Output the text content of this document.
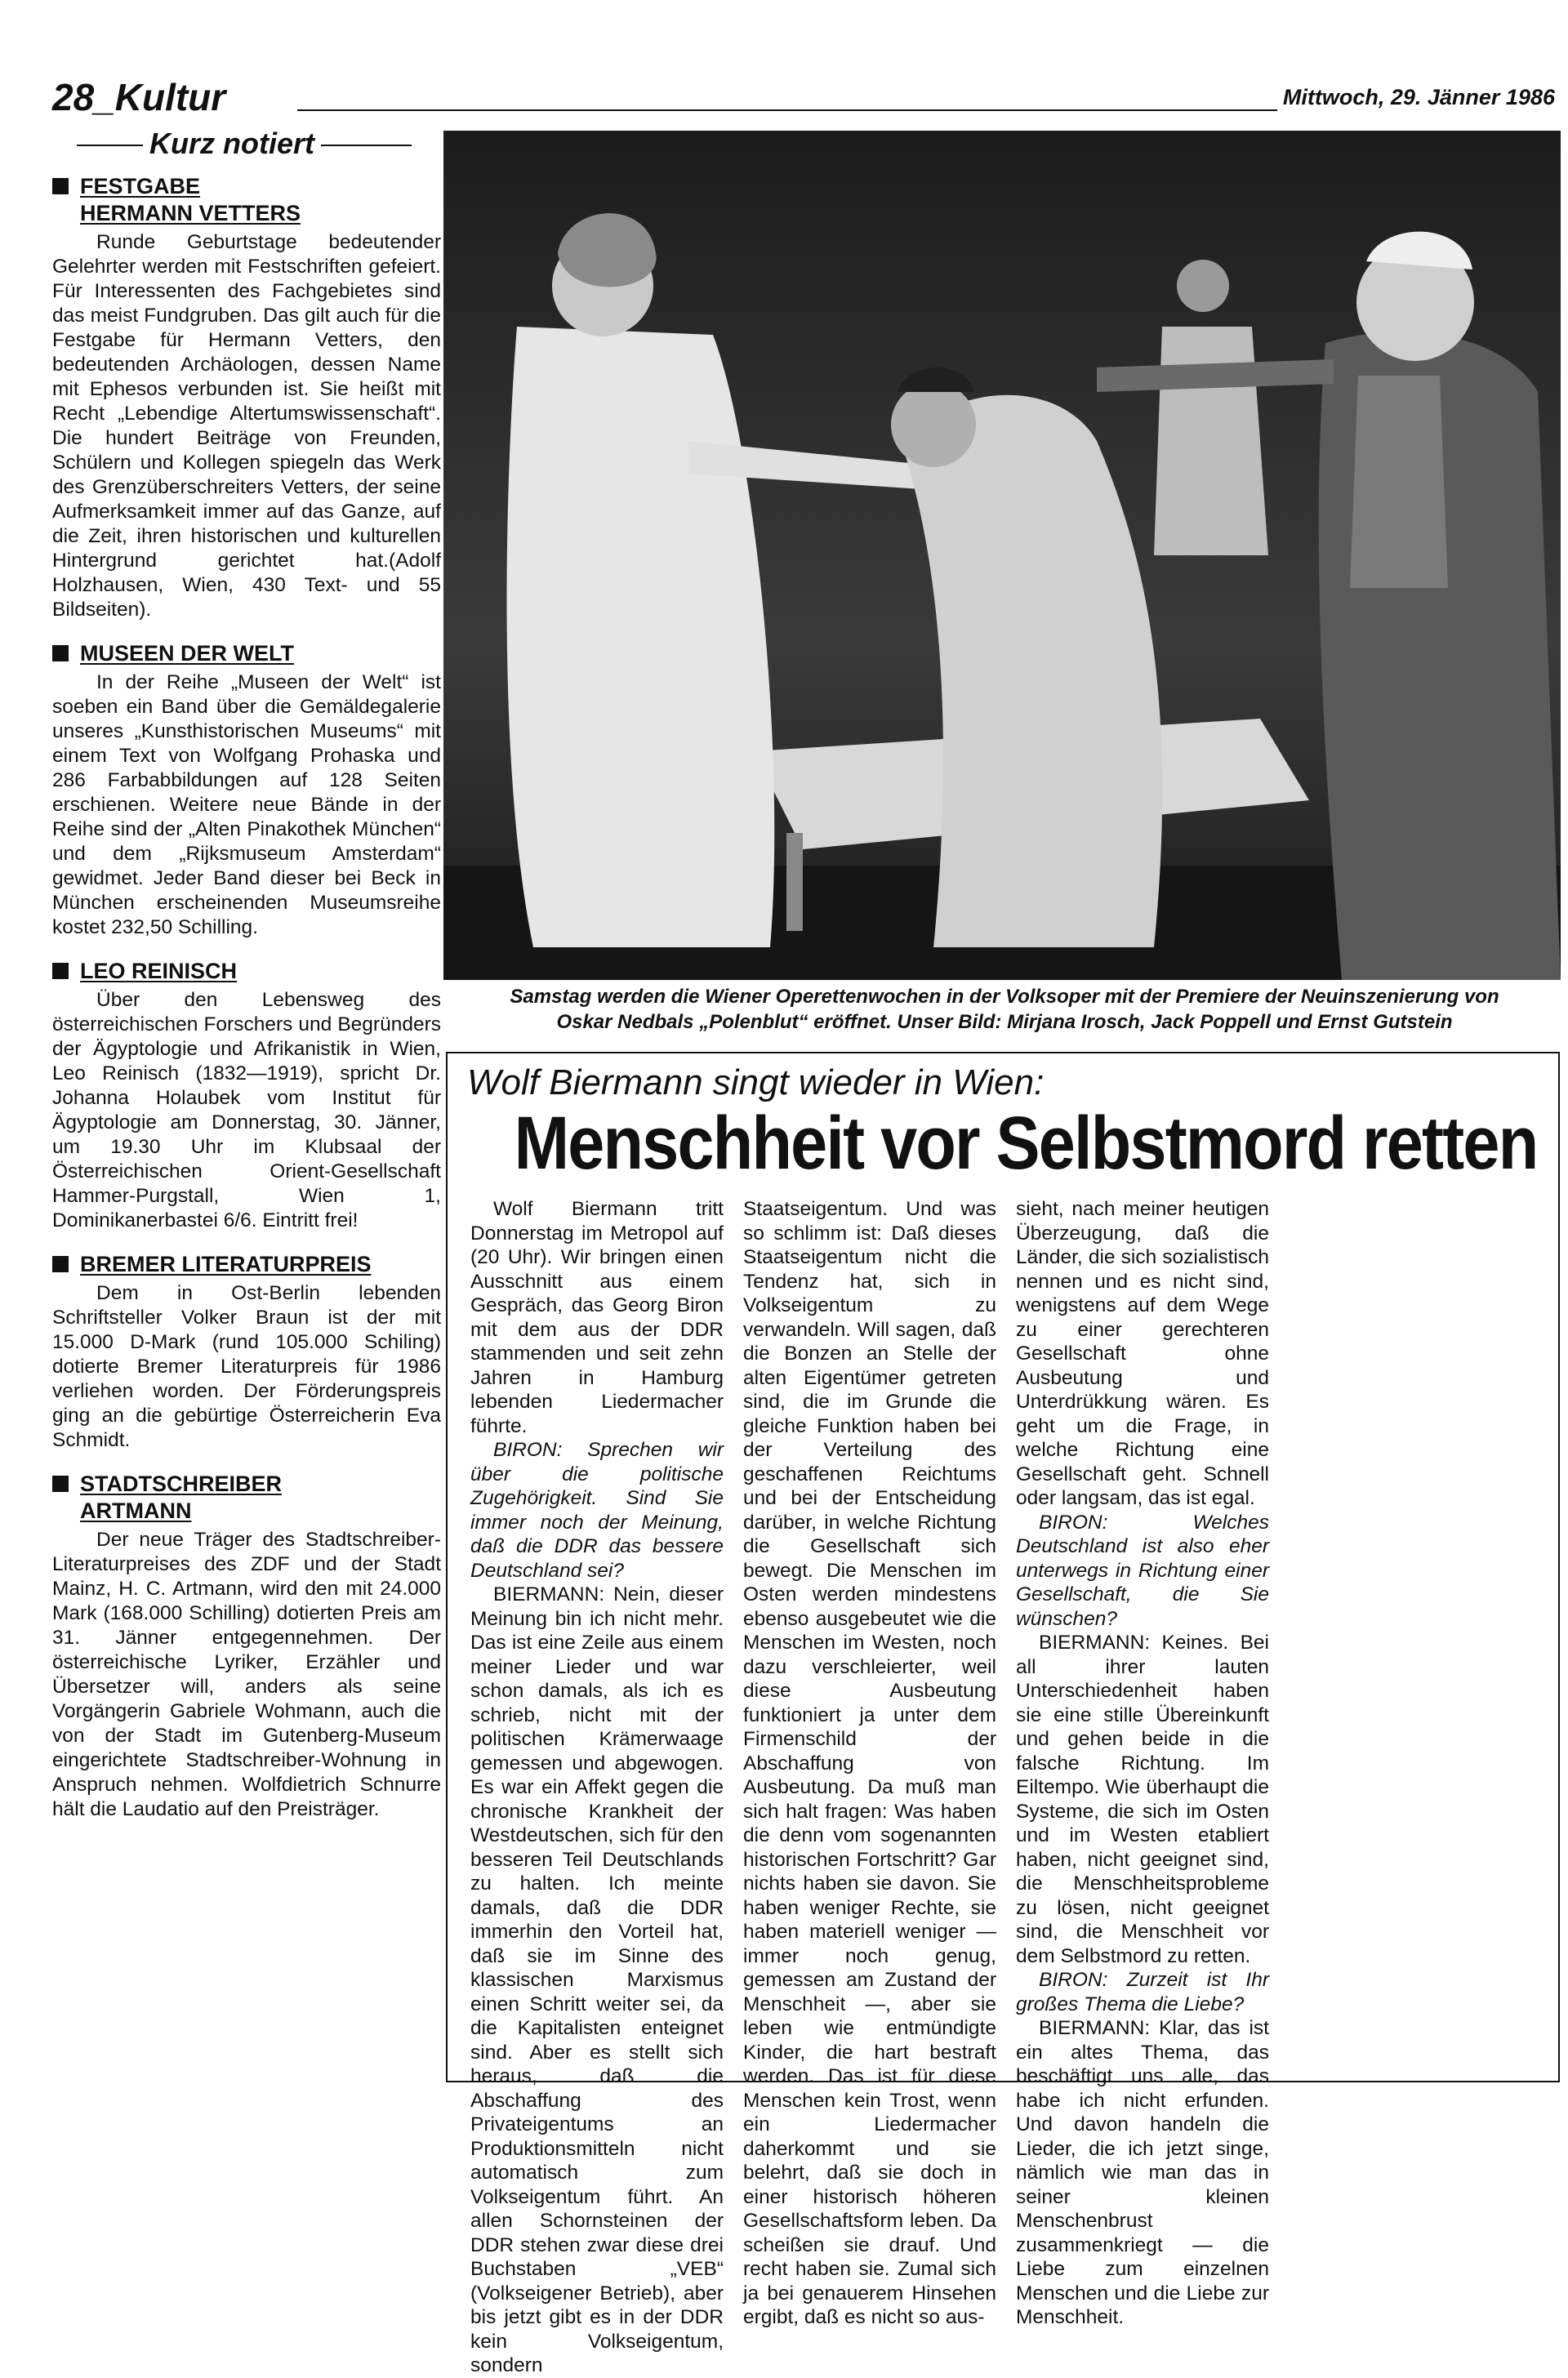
28_Kultur	Mittwoch, 29. Jänner 1986
Kurz notiert
FESTGABE
HERMANN VETTERS

Runde Geburtstage bedeutender Gelehrter werden mit Festschriften gefeiert. Für Interessenten des Fachgebietes sind das meist Fundgruben. Das gilt auch für die Festgabe für Hermann Vetters, den bedeutenden Archäologen, dessen Name mit Ephesos verbunden ist. Sie heißt mit Recht „Lebendige Altertumswissenschaft“. Die hundert Beiträge von Freunden, Schülern und Kollegen spiegeln das Werk des Grenzüberschreiters Vetters, der seine Aufmerksamkeit immer auf das Ganze, auf die Zeit, ihren historischen und kulturellen Hintergrund gerichtet hat.(Adolf Holzhausen, Wien, 430 Text- und 55 Bildseiten).

MUSEEN DER WELT

In der Reihe „Museen der Welt“ ist soeben ein Band über die Gemäldegalerie unseres „Kunsthistorischen Museums“ mit einem Text von Wolfgang Prohaska und 286 Farbabbildungen auf 128 Seiten erschienen. Weitere neue Bände in der Reihe sind der „Alten Pinakothek München“ und dem „Rijksmuseum Amsterdam“ gewidmet. Jeder Band dieser bei Beck in München erscheinenden Museumsreihe kostet 232,50 Schilling.

LEO REINISCH

Über den Lebensweg des österreichischen Forschers und Begründers der Ägyptologie und Afrikanistik in Wien, Leo Reinisch (1832—1919), spricht Dr. Johanna Holaubek vom Institut für Ägyptologie am Donnerstag, 30. Jänner, um 19.30 Uhr im Klubsaal der Österreichischen Orient-Gesellschaft Hammer-Purgstall, Wien 1, Dominikanerbastei 6/6. Eintritt frei!

BREMER LITERATURPREIS

Dem in Ost-Berlin lebenden Schriftsteller Volker Braun ist der mit 15.000 D-Mark (rund 105.000 Schiling) dotierte Bremer Literaturpreis für 1986 verliehen worden. Der Förderungspreis ging an die gebürtige Österreicherin Eva Schmidt.

STADTSCHREIBER
ARTMANN

Der neue Träger des Stadtschreiber-Literaturpreises des ZDF und der Stadt Mainz, H. C. Artmann, wird den mit 24.000 Mark (168.000 Schilling) dotierten Preis am 31. Jänner entgegennehmen. Der österreichische Lyriker, Erzähler und Übersetzer will, anders als seine Vorgängerin Gabriele Wohmann, auch die von der Stadt im Gutenberg-Museum eingerichtete Stadtschreiber-Wohnung in Anspruch nehmen. Wolfdietrich Schnurre hält die Laudatio auf den Preisträger.

Samstag werden die Wiener Operettenwochen in der Volksoper mit der Premiere der Neuinszenierung von
Oskar Nedbals „Polenblut“ eröffnet. Unser Bild: Mirjana Irosch, Jack Poppell und Ernst Gutstein
Wolf Biermann singt wieder in Wien:
Menschheit vor Selbstmord retten

Wolf Biermann tritt Donnerstag im Metropol auf (20 Uhr). Wir bringen einen Ausschnitt aus einem Gespräch, das Georg Biron mit dem aus der DDR stammenden und seit zehn Jahren in Hamburg lebenden Liedermacher führte.

BIRON: Sprechen wir über die politische Zugehörigkeit. Sind Sie immer noch der Meinung, daß die DDR das bessere Deutschland sei?

BIERMANN: Nein, dieser Meinung bin ich nicht mehr. Das ist eine Zeile aus einem meiner Lieder und war schon damals, als ich es schrieb, nicht mit der politischen Krämerwaage gemessen und abgewogen. Es war ein Affekt gegen die chronische Krankheit der Westdeutschen, sich für den besseren Teil Deutschlands zu halten. Ich meinte damals, daß die DDR immerhin den Vorteil hat, daß sie im Sinne des klassischen Marxismus einen Schritt weiter sei, da die Kapitalisten enteignet sind. Aber es stellt sich heraus, daß die Abschaffung des Privateigentums an Produktionsmitteln nicht automatisch zum Volkseigentum führt. An allen Schornsteinen der DDR stehen zwar diese drei Buchstaben „VEB“ (Volkseigener Betrieb), aber bis jetzt gibt es in der DDR kein Volkseigentum, sondern

Staatseigentum. Und was so schlimm ist: Daß dieses Staatseigentum nicht die Tendenz hat, sich in Volkseigentum zu verwandeln. Will sagen, daß die Bonzen an Stelle der alten Eigentümer getreten sind, die im Grunde die gleiche Funktion haben bei der Verteilung des geschaffenen Reichtums und bei der Entscheidung darüber, in welche Richtung die Gesellschaft sich bewegt. Die Menschen im Osten werden mindestens ebenso ausgebeutet wie die Menschen im Westen, noch dazu verschleierter, weil diese Ausbeutung funktioniert ja unter dem Firmenschild der Abschaffung von Ausbeutung. Da muß man sich halt fragen: Was haben die denn vom sogenannten historischen Fortschritt? Gar nichts haben sie davon. Sie haben weniger Rechte, sie haben materiell weniger — immer noch genug, gemessen am Zustand der Menschheit —, aber sie leben wie entmündigte Kinder, die hart bestraft werden. Das ist für diese Menschen kein Trost, wenn ein Liedermacher daherkommt und sie belehrt, daß sie doch in einer historisch höheren Gesellschaftsform leben. Da scheißen sie drauf. Und recht haben sie. Zumal sich ja bei genauerem Hinsehen ergibt, daß es nicht so aus-

sieht, nach meiner heutigen Überzeugung, daß die Länder, die sich sozialistisch nennen und es nicht sind, wenigstens auf dem Wege zu einer gerechteren Gesellschaft ohne Ausbeutung und Unterdrükkung wären. Es geht um die Frage, in welche Richtung eine Gesellschaft geht. Schnell oder langsam, das ist egal.

BIRON: Welches Deutschland ist also eher unterwegs in Richtung einer Gesellschaft, die Sie wünschen?

BIERMANN: Keines. Bei all ihrer lauten Unterschiedenheit haben sie eine stille Übereinkunft und gehen beide in die falsche Richtung. Im Eiltempo. Wie überhaupt die Systeme, die sich im Osten und im Westen etabliert haben, nicht geeignet sind, die Menschheitsprobleme zu lösen, nicht geeignet sind, die Menschheit vor dem Selbstmord zu retten.

BIRON: Zurzeit ist Ihr großes Thema die Liebe?

BIERMANN: Klar, das ist ein altes Thema, das beschäftigt uns alle, das habe ich nicht erfunden. Und davon handeln die Lieder, die ich jetzt singe, nämlich wie man das in seiner kleinen Menschenbrust zusammenkriegt — die Liebe zum einzelnen Menschen und die Liebe zur Menschheit.
